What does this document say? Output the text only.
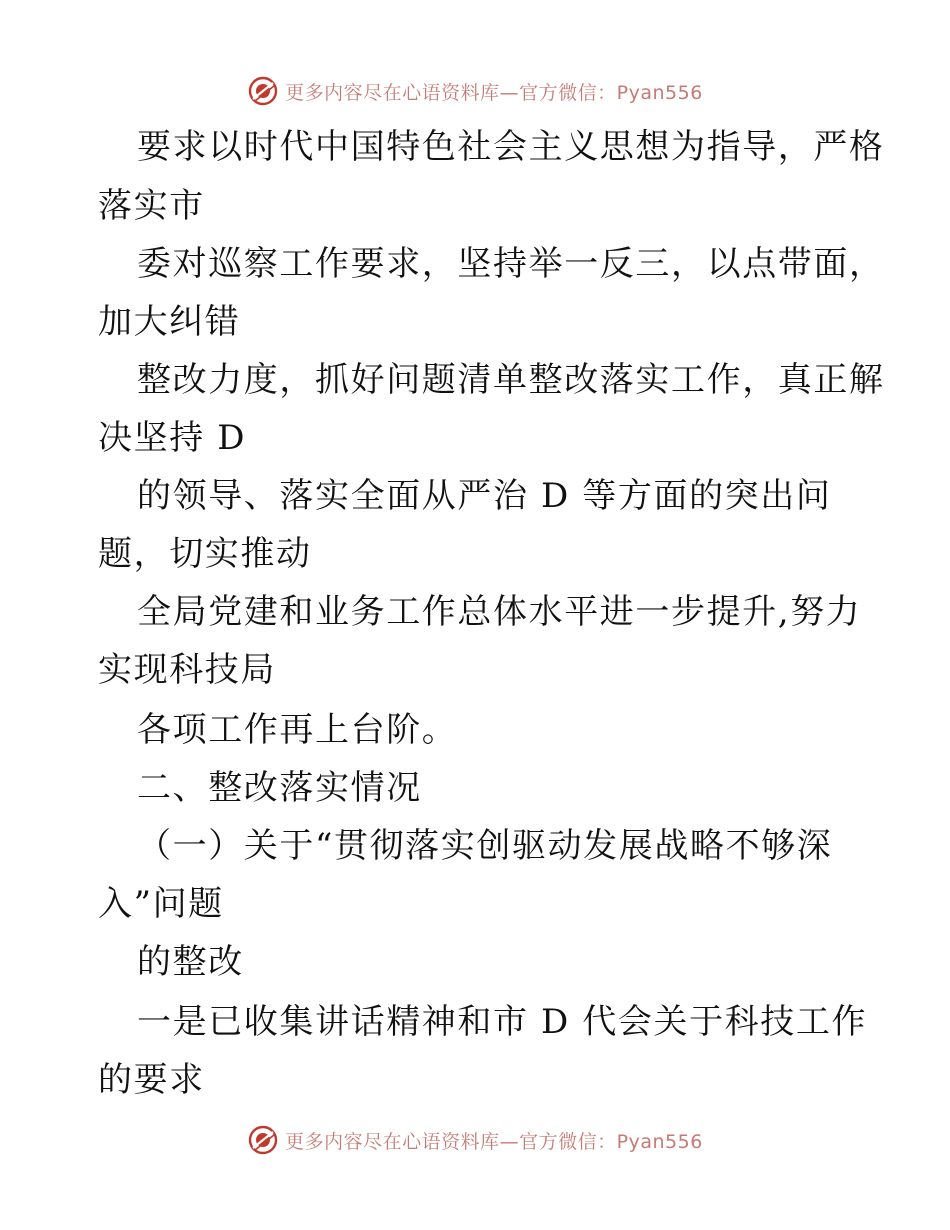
更多内容尽在心语资料库—官方微信：Pyan556
要求以时代中国特色社会主义思想为指导，严格
落实市
委对巡察工作要求，坚持举一反三，以点带面，
加大纠错
整改力度，抓好问题清单整改落实工作，真正解
决坚持 D
的领导、落实全面从严治 D 等方面的突出问
题，切实推动
全局党建和业务工作总体水平进一步提升,努力
实现科技局
各项工作再上台阶。
二、整改落实情况
（一）关于“贯彻落实创驱动发展战略不够深
入”问题
的整改
一是已收集讲话精神和市 D 代会关于科技工作
的要求
更多内容尽在心语资料库—官方微信：Pyan556
